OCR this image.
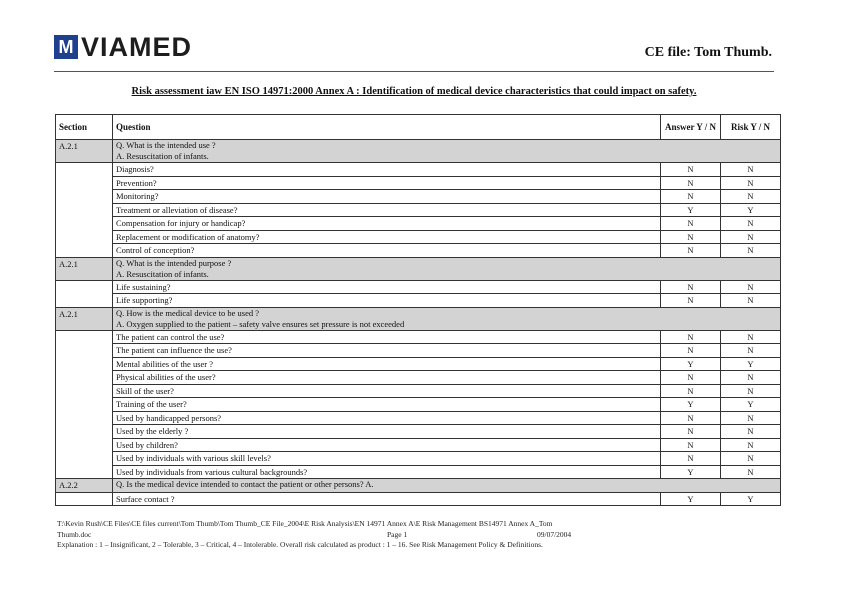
M VIAMED	CE file: Tom Thumb.
Risk assessment iaw EN ISO 14971:2000 Annex A : Identification of medical device characteristics that could impact on safety.
Section	Question	Answer Y / N	Risk Y / N
A.2.1	Q. What is the intended use ?
A. Resuscitation of infants.		

	Diagnosis?	N	N
	Prevention?	N	N
	Monitoring?	N	N
	Treatment or alleviation of disease?	Y	Y
	Compensation for injury or handicap?	N	N
	Replacement or modification of anatomy?	N	N
	Control of conception?	N	N
A.2.1	Q. What is the intended purpose ?
A. Resuscitation of infants.		

	Life sustaining?	N	N
	Life supporting?	N	N
A.2.1	Q. How is the medical device to be used ?
A. Oxygen supplied to the patient – safety valve ensures set pressure is not exceeded		

	The patient can control the use?	N	N
	The patient can influence the use?	N	N
	Mental abilities of the user ?	Y	Y
	Physical abilities of the user?	N	N
	Skill of the user?	N	N
	Training of the user?	Y	Y
	Used by handicapped persons?	N	N
	Used by the elderly ?	N	N
	Used by children?	N	N
	Used by individuals with various skill levels?	N	N
	Used by individuals from various cultural backgrounds?	Y	N
A.2.2	Q. Is the medical device intended to contact the patient or other persons? A.		

	Surface contact ?	Y	Y
T:\Kevin Rush\CE Files\CE files current\Tom Thumb\Tom Thumb_CE File_2004\E Risk Analysis\EN 14971 Annex A\E Risk Management BS14971 Annex A_Tom
Thumb.doc	Page 1	09/07/2004
Explanation : 1 – Insignificant, 2 – Tolerable, 3 – Critical, 4 – Intolerable. Overall risk calculated as product : 1 – 16. See Risk Management Policy & Definitions.
